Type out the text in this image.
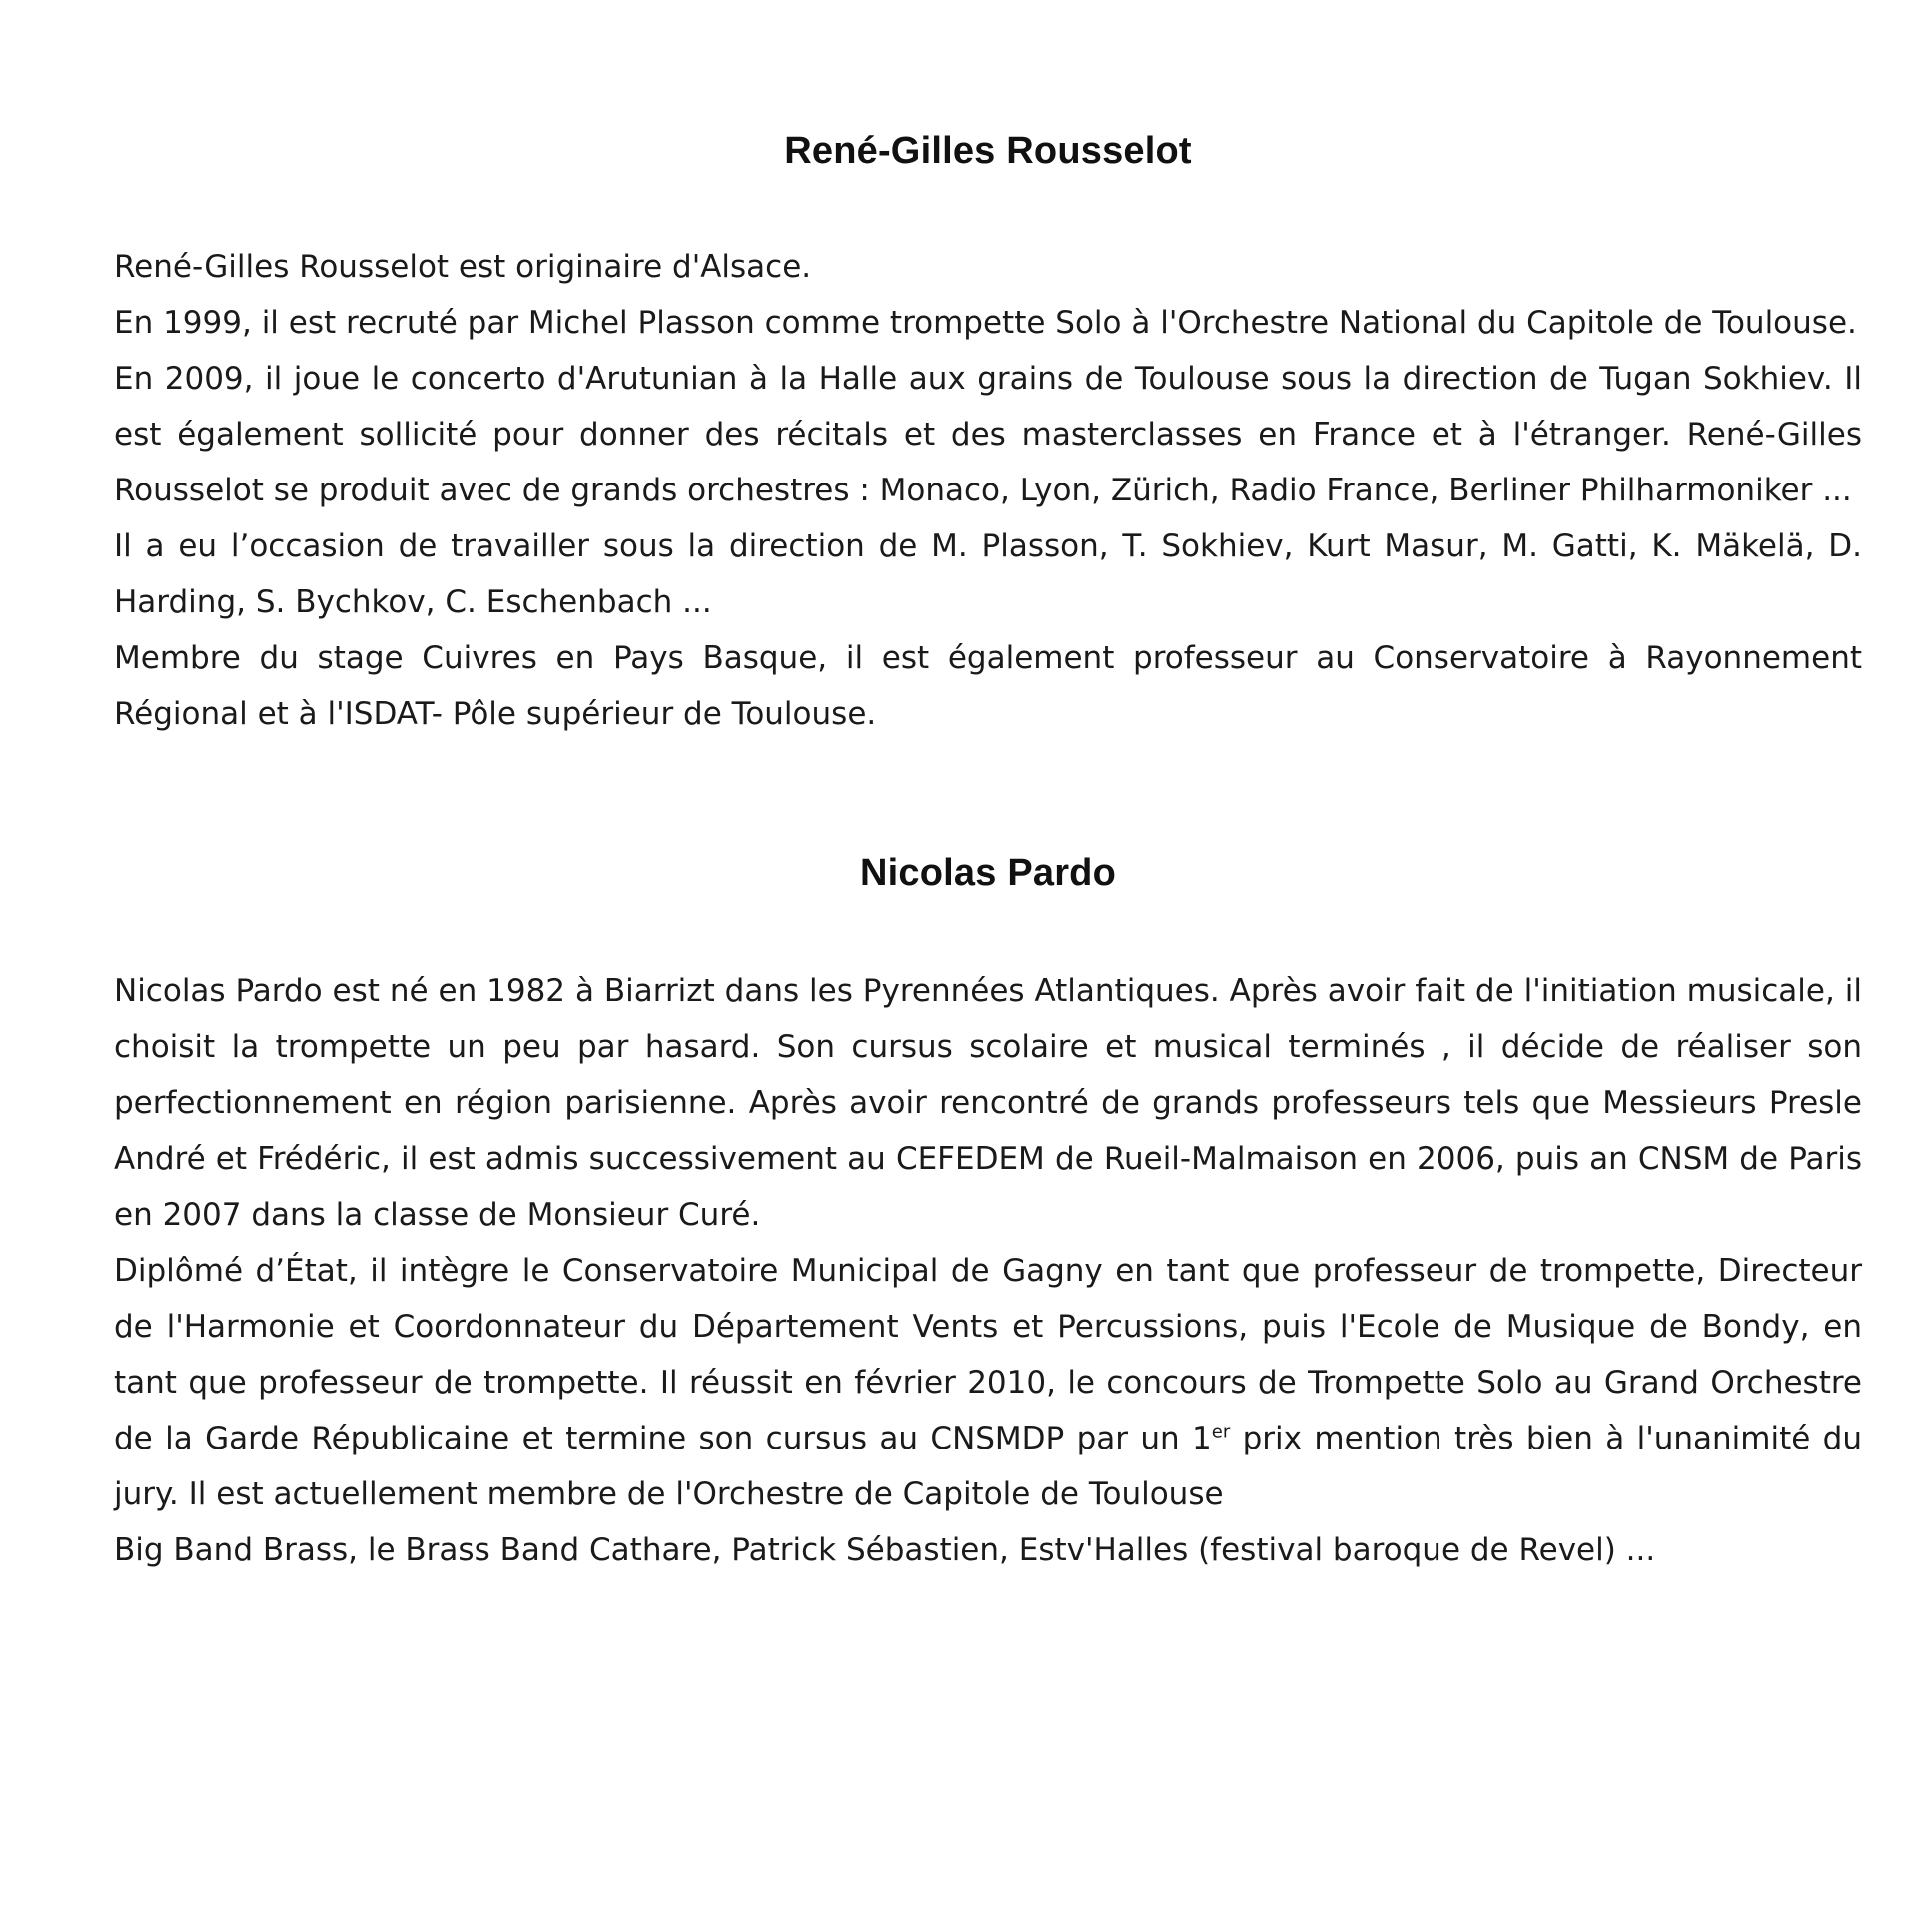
René-Gilles Rousselot

René-Gilles Rousselot est originaire d'Alsace.

En 1999, il est recruté par Michel Plasson comme trompette Solo à l'Orchestre National du Capitole de Toulouse.

En 2009, il joue le concerto d'Arutunian à la Halle aux grains de Toulouse sous la direction de Tugan Sokhiev. Il est également sollicité pour donner des récitals et des masterclasses en France et à l'étranger. René-Gilles Rousselot se produit avec de grands orchestres : Monaco, Lyon, Zürich, Radio France, Berliner Philharmoniker ...

Il a eu l’occasion de travailler sous la direction de M. Plasson, T. Sokhiev, Kurt Masur, M. Gatti, K. Mäkelä, D. Harding, S. Bychkov, C. Eschenbach ...

Membre du stage Cuivres en Pays Basque, il est également professeur au Conservatoire à Rayonnement Régional et à l'ISDAT- Pôle supérieur de Toulouse.

Nicolas Pardo

Nicolas Pardo est né en 1982 à Biarrizt dans les Pyrennées Atlantiques. Après avoir fait de l'initiation musicale, il choisit la trompette un peu par hasard. Son cursus scolaire et musical terminés , il décide de réaliser son perfectionnement en région parisienne. Après avoir rencontré de grands professeurs tels que Messieurs Presle André et Frédéric, il est admis successivement au CEFEDEM de Rueil-Malmaison en 2006, puis an CNSM de Paris en 2007 dans la classe de Monsieur Curé.

Diplômé d’État, il intègre le Conservatoire Municipal de Gagny en tant que professeur de trompette, Directeur de l'Harmonie et Coordonnateur du Département Vents et Percussions, puis l'Ecole de Musique de Bondy, en tant que professeur de trompette. Il réussit en février 2010, le concours de Trompette Solo au Grand Orchestre de la Garde Républicaine et termine son cursus au CNSMDP par un 1er prix mention très bien à l'unanimité du jury. Il est actuellement membre de l'Orchestre de Capitole de Toulouse

Big Band Brass, le Brass Band Cathare, Patrick Sébastien, Estv'Halles (festival baroque de Revel) ...
